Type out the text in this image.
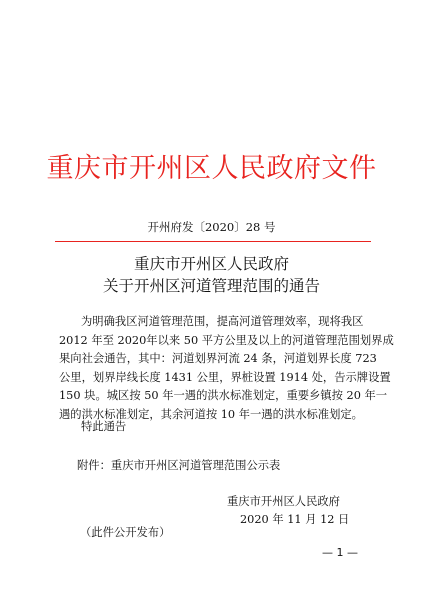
重庆市开州区人民政府文件
开州府发〔2020〕28 号
重庆市开州区人民政府
关于开州区河道管理范围的通告
为明确我区河道管理范围，提高河道管理效率，现将我区
2012 年至 2020年以来 50 平方公里及以上的河道管理范围划界成
果向社会通告，其中：河道划界河流 24 条，河道划界长度 723
公里，划界岸线长度 1431 公里，界桩设置 1914 处，告示牌设置
150 块。城区按 50 年一遇的洪水标准划定，重要乡镇按 20 年一
遇的洪水标准划定，其余河道按 10 年一遇的洪水标准划定。
特此通告
附件：重庆市开州区河道管理范围公示表
重庆市开州区人民政府
2020 年 11 月 12 日
（此件公开发布）
— 1 —
